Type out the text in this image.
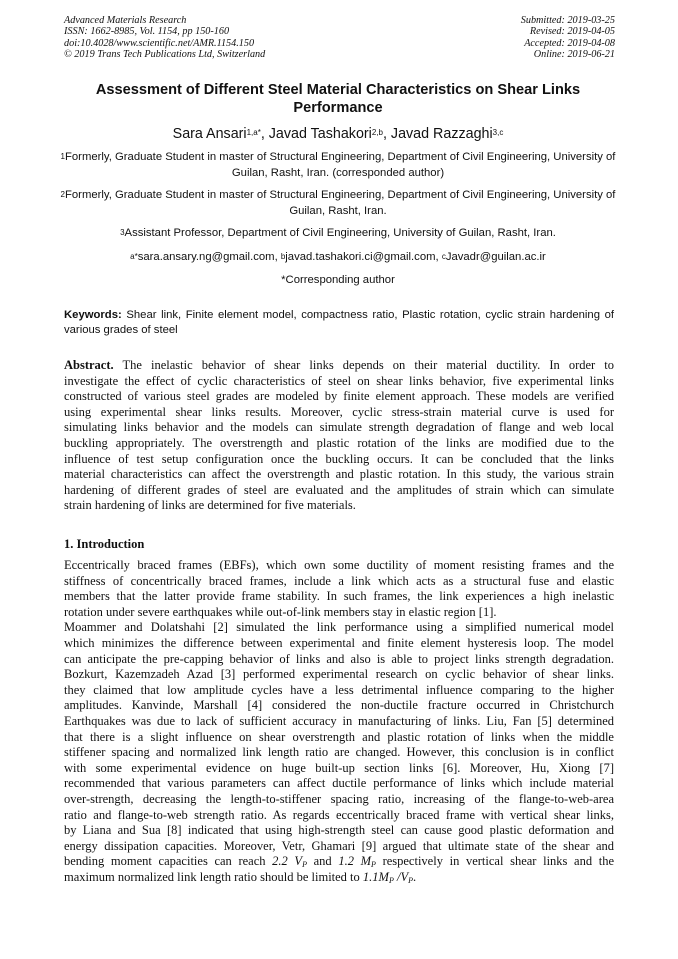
Advanced Materials Research
ISSN: 1662-8985, Vol. 1154, pp 150-160
doi:10.4028/www.scientific.net/AMR.1154.150
© 2019 Trans Tech Publications Ltd, Switzerland
Submitted: 2019-03-25
Revised: 2019-04-05
Accepted: 2019-04-08
Online: 2019-06-21
Assessment of Different Steel Material Characteristics on Shear Links Performance
Sara Ansari$^{1,a*}$, Javad Tashakori$^{2,b}$, Javad Razzaghi$^{3,c}$
$^1$Formerly, Graduate Student in master of Structural Engineering, Department of Civil Engineering, University of Guilan, Rasht, Iran. (corresponded author)
$^2$Formerly, Graduate Student in master of Structural Engineering, Department of Civil Engineering, University of Guilan, Rasht, Iran.
$^3$Assistant Professor, Department of Civil Engineering, University of Guilan, Rasht, Iran.
$^{a*}$sara.ansary.ng@gmail.com, $^b$javad.tashakori.ci@gmail.com, $^c$Javadr@guilan.ac.ir
*Corresponding author
Keywords: Shear link, Finite element model, compactness ratio, Plastic rotation, cyclic strain hardening of various grades of steel
Abstract. The inelastic behavior of shear links depends on their material ductility. In order to
investigate the effect of cyclic characteristics of steel on shear links behavior, five experimental links
constructed of various steel grades are modeled by finite element approach. These models are verified
using experimental shear links results. Moreover, cyclic stress-strain material curve is used for
simulating links behavior and the models can simulate strength degradation of flange and web local
buckling appropriately. The overstrength and plastic rotation of the links are modified due to the
influence of test setup configuration once the buckling occurs. It can be concluded that the links
material characteristics can affect the overstrength and plastic rotation. In this study, the various strain
hardening of different grades of steel are evaluated and the amplitudes of strain which can simulate
strain hardening of links are determined for five materials.
1. Introduction
Eccentrically braced frames (EBFs), which own some ductility of moment resisting frames and the
stiffness of concentrically braced frames, include a link which acts as a structural fuse and elastic
members that the latter provide frame stability. In such frames, the link experiences a high inelastic
rotation under severe earthquakes while out-of-link members stay in elastic region [1].
Moammer and Dolatshahi [2] simulated the link performance using a simplified numerical model
which minimizes the difference between experimental and finite element hysteresis loop. The model
can anticipate the pre-capping behavior of links and also is able to project links strength degradation.
Bozkurt, Kazemzadeh Azad [3] performed experimental research on cyclic behavior of shear links.
they claimed that low amplitude cycles have a less detrimental influence comparing to the higher
amplitudes. Kanvinde, Marshall [4] considered the non-ductile fracture occurred in Christchurch
Earthquakes was due to lack of sufficient accuracy in manufacturing of links. Liu, Fan [5] determined
that there is a slight influence on shear overstrength and plastic rotation of links when the middle
stiffener spacing and normalized link length ratio are changed. However, this conclusion is in conflict
with some experimental evidence on huge built-up section links [6]. Moreover, Hu, Xiong [7]
recommended that various parameters can affect ductile performance of links which include material
over-strength, decreasing the length-to-stiffener spacing ratio, increasing of the flange-to-web-area
ratio and flange-to-web strength ratio. As regards eccentrically braced frame with vertical shear links,
by Liana and Sua [8] indicated that using high-strength steel can cause good plastic deformation and
energy dissipation capacities. Moreover, Vetr, Ghamari [9] argued that ultimate state of the shear and
bending moment capacities can reach 2.2 VP and 1.2 MP respectively in vertical shear links and the
maximum normalized link length ratio should be limited to 1.1MP /VP.
